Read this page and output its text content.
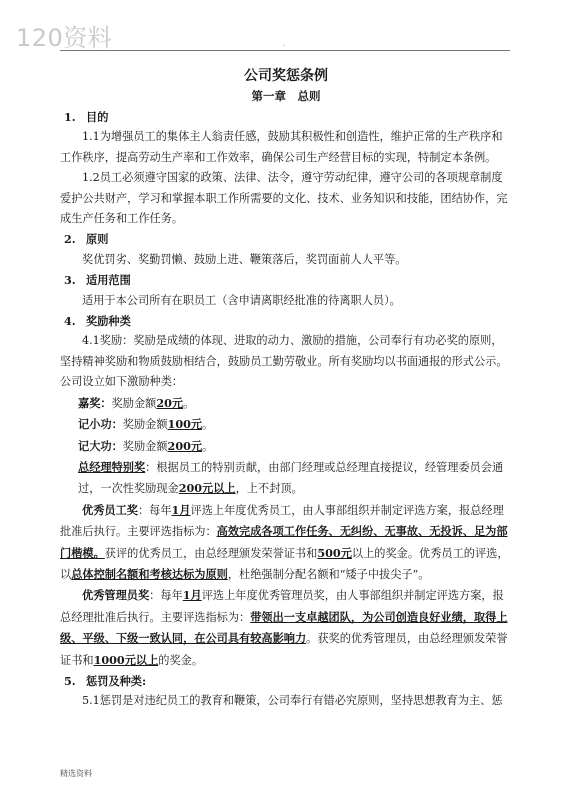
120资料	.

公司奖惩条例

第一章　总则

1. 目的

1.1为增强员工的集体主人翁责任感，鼓励其积极性和创造性，维护正常的生产秩序和工作秩序，提高劳动生产率和工作效率，确保公司生产经营目标的实现，特制定本条例。

1.2员工必须遵守国家的政策、法律、法令，遵守劳动纪律，遵守公司的各项规章制度爱护公共财产，学习和掌握本职工作所需要的文化、技术、业务知识和技能，团结协作，完成生产任务和工作任务。

2. 原则

奖优罚劣、奖勤罚懒、鼓励上进、鞭策落后，奖罚面前人人平等。

3. 适用范围

适用于本公司所有在职员工（含申请离职经批准的待离职人员）。

4. 奖励种类

4.1奖励：奖励是成绩的体现、进取的动力、激励的措施，公司奉行有功必奖的原则，坚持精神奖励和物质鼓励相结合，鼓励员工勤劳敬业。所有奖励均以书面通报的形式公示。

公司设立如下激励种类：

嘉奖：奖励金额20元。

记小功：奖励金额100元。

记大功：奖励金额200元。

总经理特别奖：根据员工的特别贡献，由部门经理或总经理直接提议，经管理委员会通过，一次性奖励现金200元以上，上不封顶。

优秀员工奖：每年1月评选上年度优秀员工，由人事部组织并制定评选方案，报总经理批准后执行。主要评选指标为：高效完成各项工作任务、无纠纷、无事故、无投诉、足为部门楷模。获评的优秀员工，由总经理颁发荣誉证书和500元以上的奖金。优秀员工的评选，以总体控制名额和考核达标为原则，杜绝强制分配名额和“矮子中拔尖子”。

优秀管理员奖：每年1月评选上年度优秀管理员奖，由人事部组织并制定评选方案，报总经理批准后执行。主要评选指标为：带领出一支卓越团队，为公司创造良好业绩，取得上级、平级、下级一致认同，在公司具有较高影响力。获奖的优秀管理员，由总经理颁发荣誉证书和1000元以上的奖金。

5. 惩罚及种类:

5.1惩罚是对违纪员工的教育和鞭策，公司奉行有错必究原则，坚持思想教育为主、惩

精选资料
